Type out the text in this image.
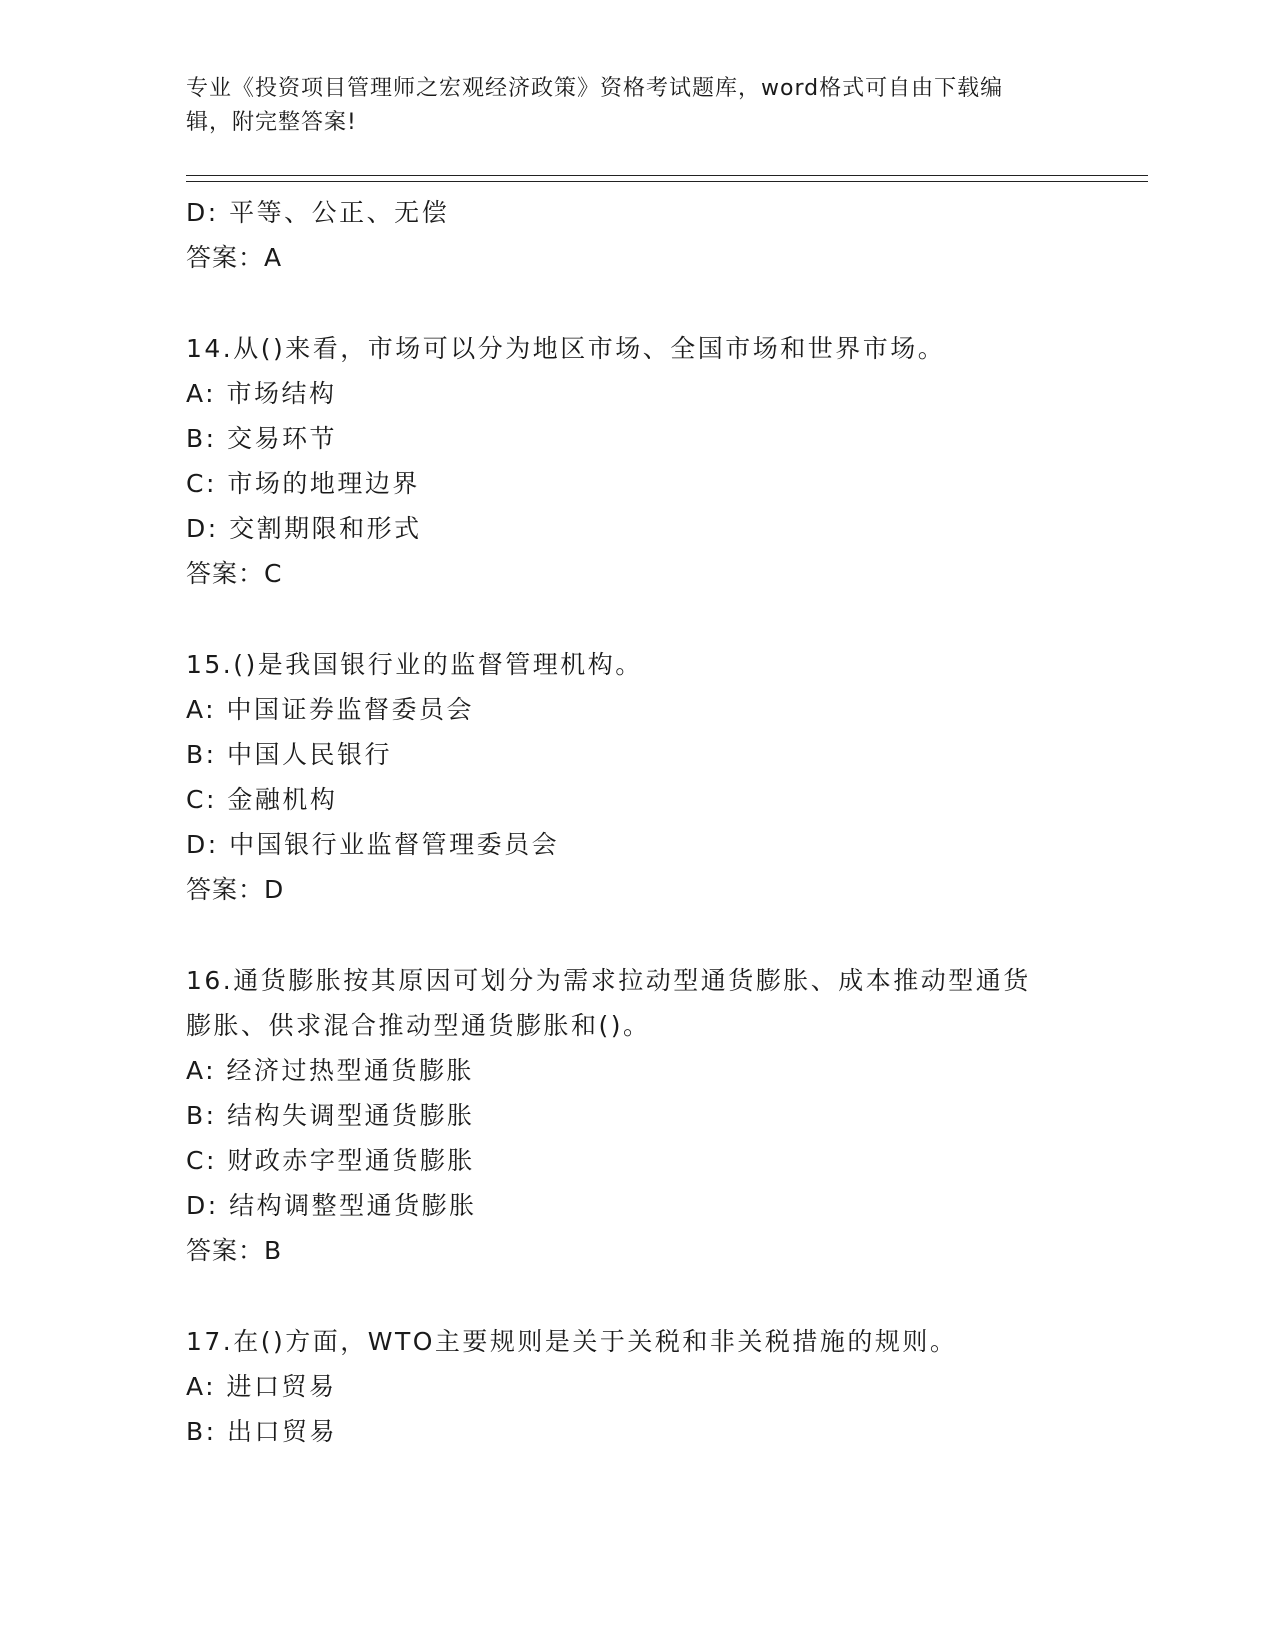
专业《投资项目管理师之宏观经济政策》资格考试题库，word格式可自由下载编
辑，附完整答案!
D: 平等、公正、无偿
答案：A
14.从()来看，市场可以分为地区市场、全国市场和世界市场。
A: 市场结构
B: 交易环节
C: 市场的地理边界
D: 交割期限和形式
答案：C
15.()是我国银行业的监督管理机构。
A: 中国证券监督委员会
B: 中国人民银行
C: 金融机构
D: 中国银行业监督管理委员会
答案：D
16.通货膨胀按其原因可划分为需求拉动型通货膨胀、成本推动型通货
膨胀、供求混合推动型通货膨胀和()。
A: 经济过热型通货膨胀
B: 结构失调型通货膨胀
C: 财政赤字型通货膨胀
D: 结构调整型通货膨胀
答案：B
17.在()方面，WTO主要规则是关于关税和非关税措施的规则。
A: 进口贸易
B: 出口贸易
